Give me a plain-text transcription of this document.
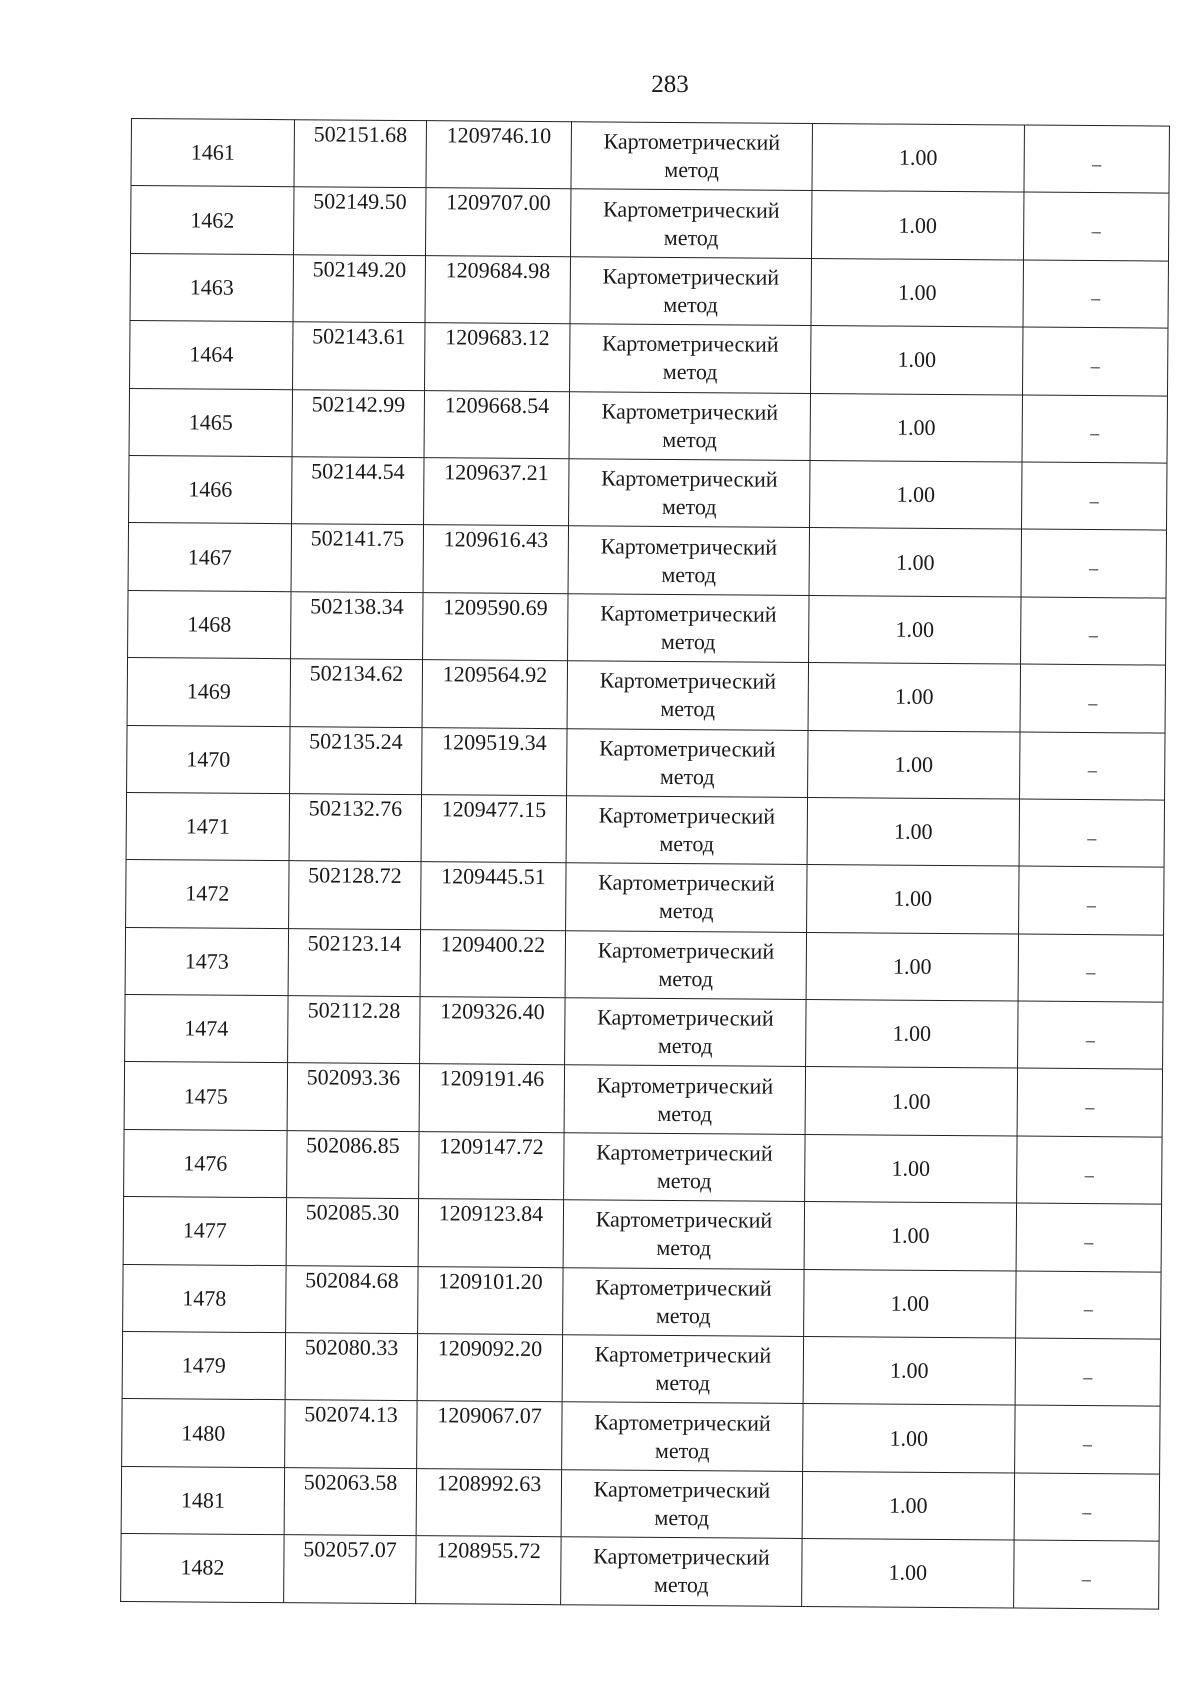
283
1461	502151.68	1209746.10	Картометрический
метод	1.00	–
1462	502149.50	1209707.00	Картометрический
метод	1.00	–
1463	502149.20	1209684.98	Картометрический
метод	1.00	–
1464	502143.61	1209683.12	Картометрический
метод	1.00	–
1465	502142.99	1209668.54	Картометрический
метод	1.00	–
1466	502144.54	1209637.21	Картометрический
метод	1.00	–
1467	502141.75	1209616.43	Картометрический
метод	1.00	–
1468	502138.34	1209590.69	Картометрический
метод	1.00	–
1469	502134.62	1209564.92	Картометрический
метод	1.00	–
1470	502135.24	1209519.34	Картометрический
метод	1.00	–
1471	502132.76	1209477.15	Картометрический
метод	1.00	–
1472	502128.72	1209445.51	Картометрический
метод	1.00	–
1473	502123.14	1209400.22	Картометрический
метод	1.00	–
1474	502112.28	1209326.40	Картометрический
метод	1.00	–
1475	502093.36	1209191.46	Картометрический
метод	1.00	–
1476	502086.85	1209147.72	Картометрический
метод	1.00	–
1477	502085.30	1209123.84	Картометрический
метод	1.00	–
1478	502084.68	1209101.20	Картометрический
метод	1.00	–
1479	502080.33	1209092.20	Картометрический
метод	1.00	–
1480	502074.13	1209067.07	Картометрический
метод	1.00	–
1481	502063.58	1208992.63	Картометрический
метод	1.00	–
1482	502057.07	1208955.72	Картометрический
метод	1.00	–
